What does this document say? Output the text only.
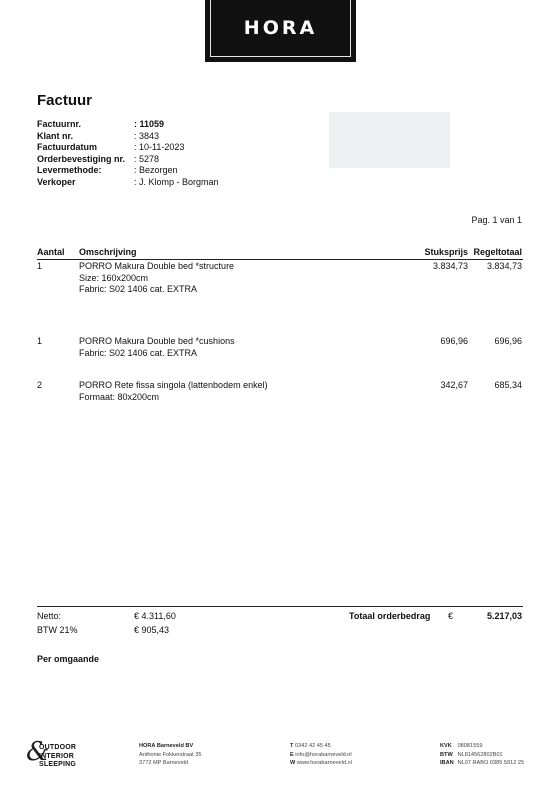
HORA
Factuur
Factuurnr.	: 11059
Klant nr.	: 3843
Factuurdatum	: 10-11-2023
Orderbevestiging nr. : 5278
Levermethode:	: Bezorgen
Verkoper	: J. Klomp - Borgman
Pag. 1 van 1
Aantal Omschrijving	Stuksprijs Regeltotaal
1	PORRO Makura Double bed *structure
Size: 160x200cm
Fabric: S02 1406 cat. EXTRA
3.834,73 3.834,73
1	PORRO Makura Double bed *cushions
Fabric: S02 1406 cat. EXTRA
696,96	696,96
2	PORRO Rete fissa singola (lattenbodem enkel)
Formaat: 80x200cm
342,67	685,34
Netto:	€ 4.311,60
BTW 21%	€ 905,43
Totaal orderbedrag €	5.217,03
Per omgaande
&
OUTDOOR
INTERIOR
SLEEPING
HORA Barneveld BV
Anthonie Fokkerstraat 35
3772 MP Barneveld
T 0342 42 45 45
E info@horabarneveld.nl
W www.horabarneveld.nl
KVK 08081559
BTW NL814562802B01
IBAN NL07 RABO 0385 5912 25
